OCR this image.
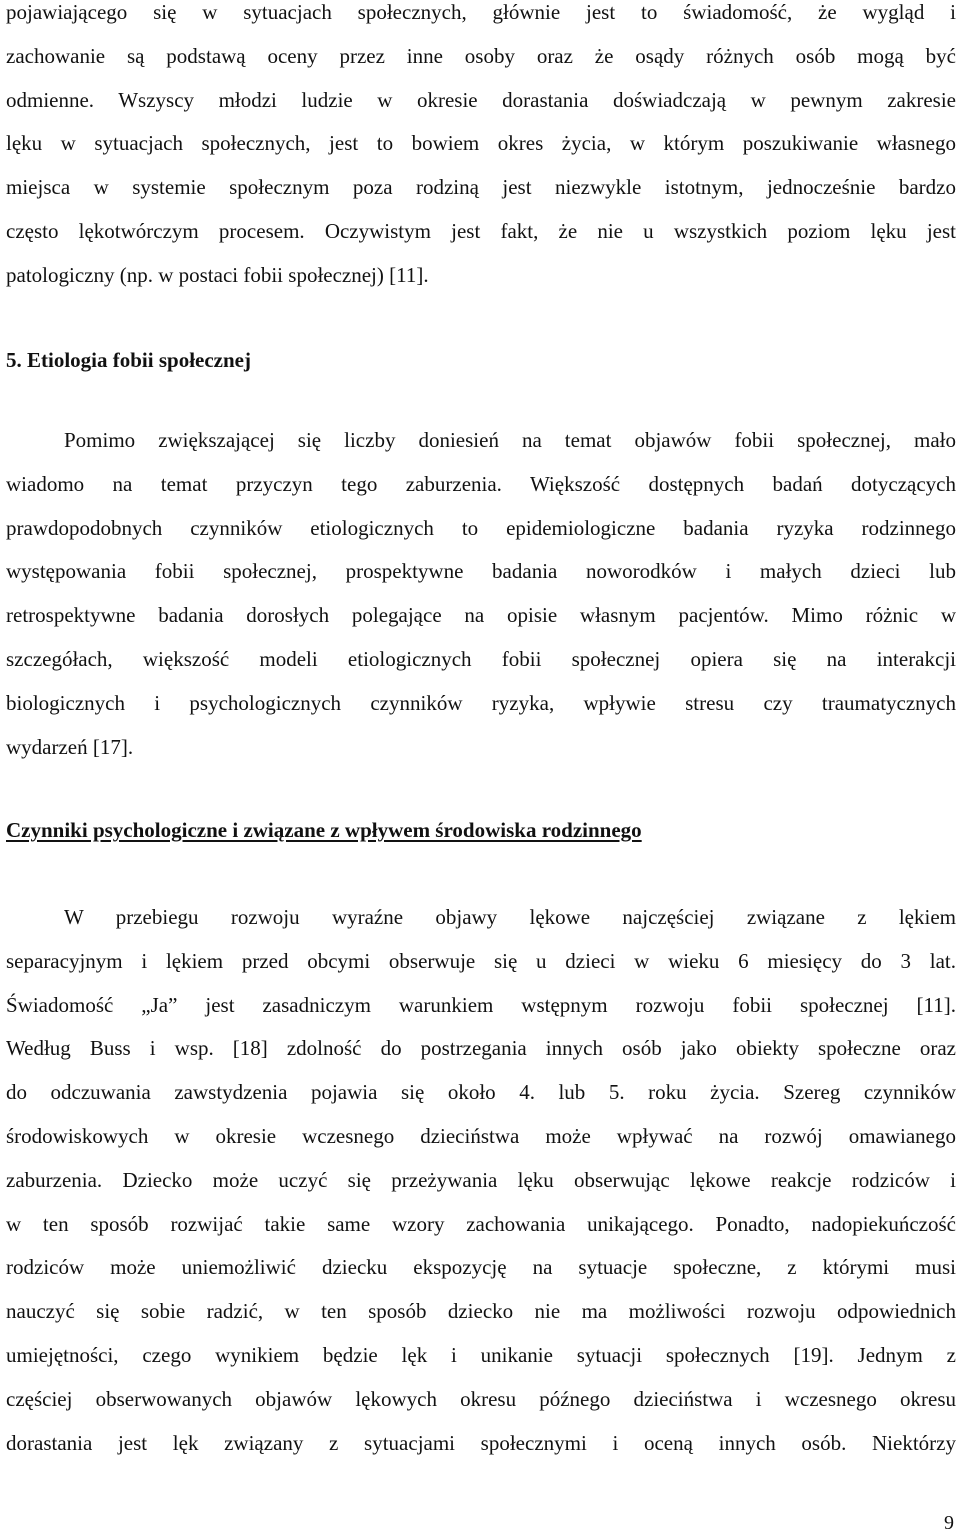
pojawiającego się w sytuacjach społecznych, głównie jest to świadomość, że wygląd i
zachowanie są podstawą oceny przez inne osoby oraz że osądy różnych osób mogą być
odmienne. Wszyscy młodzi ludzie w okresie dorastania doświadczają w pewnym zakresie
lęku w sytuacjach społecznych, jest to bowiem okres życia, w którym poszukiwanie własnego
miejsca w systemie społecznym poza rodziną jest niezwykle istotnym, jednocześnie bardzo
często lękotwórczym procesem. Oczywistym jest fakt, że nie u wszystkich poziom lęku jest
patologiczny (np. w postaci fobii społecznej) [11].
5. Etiologia fobii społecznej
Pomimo zwiększającej się liczby doniesień na temat objawów fobii społecznej, mało
wiadomo na temat przyczyn tego zaburzenia. Większość dostępnych badań dotyczących
prawdopodobnych czynników etiologicznych to epidemiologiczne badania ryzyka rodzinnego
występowania fobii społecznej, prospektywne badania noworodków i małych dzieci lub
retrospektywne badania dorosłych polegające na opisie własnym pacjentów. Mimo różnic w
szczegółach, większość modeli etiologicznych fobii społecznej opiera się na interakcji
biologicznych i psychologicznych czynników ryzyka, wpływie stresu czy traumatycznych
wydarzeń [17].
Czynniki psychologiczne i związane z wpływem środowiska rodzinnego
W przebiegu rozwoju wyraźne objawy lękowe najczęściej związane z lękiem
separacyjnym i lękiem przed obcymi obserwuje się u dzieci w wieku 6 miesięcy do 3 lat.
Świadomość „Ja” jest zasadniczym warunkiem wstępnym rozwoju fobii społecznej [11].
Według Buss i wsp. [18] zdolność do postrzegania innych osób jako obiekty społeczne oraz
do odczuwania zawstydzenia pojawia się około 4. lub 5. roku życia. Szereg czynników
środowiskowych w okresie wczesnego dzieciństwa może wpływać na rozwój omawianego
zaburzenia. Dziecko może uczyć się przeżywania lęku obserwując lękowe reakcje rodziców i
w ten sposób rozwijać takie same wzory zachowania unikającego. Ponadto, nadopiekuńczość
rodziców może uniemożliwić dziecku ekspozycję na sytuacje społeczne, z którymi musi
nauczyć się sobie radzić, w ten sposób dziecko nie ma możliwości rozwoju odpowiednich
umiejętności, czego wynikiem będzie lęk i unikanie sytuacji społecznych [19]. Jednym z
częściej obserwowanych objawów lękowych okresu późnego dzieciństwa i wczesnego okresu
dorastania jest lęk związany z sytuacjami społecznymi i oceną innych osób. Niektórzy
9
